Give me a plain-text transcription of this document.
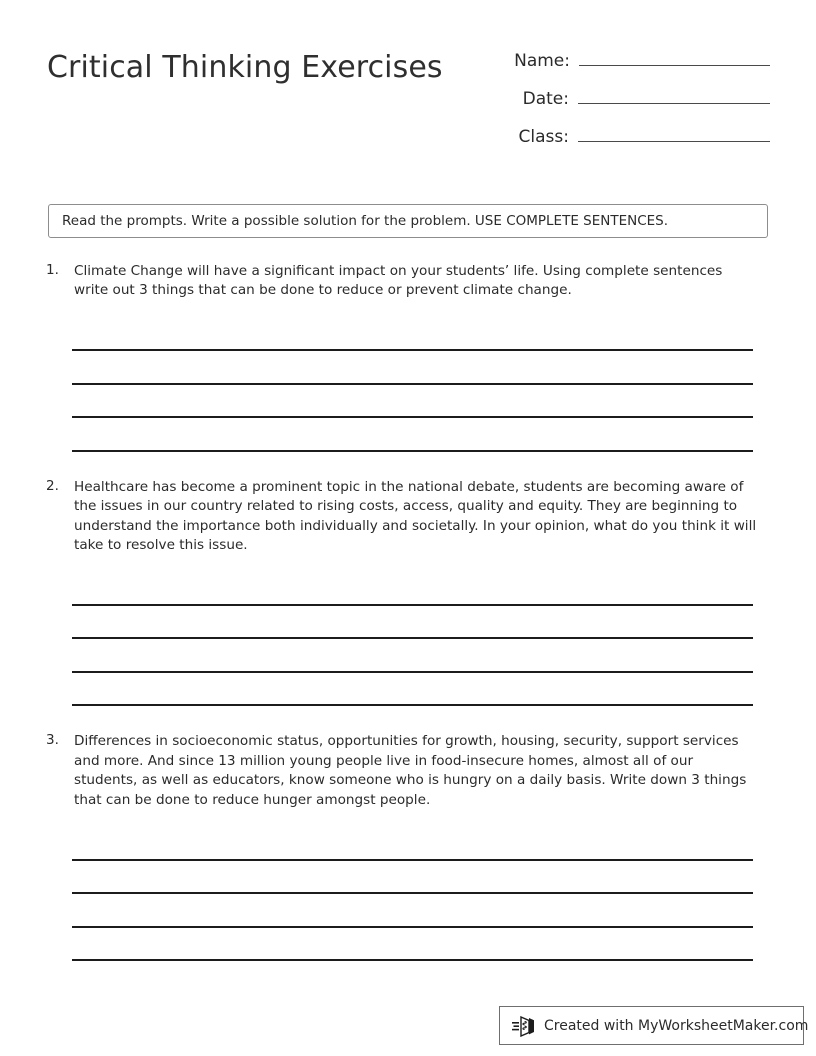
Critical Thinking Exercises	Name:
Date:
Class:
Read the prompts. Write a possible solution for the problem. USE COMPLETE SENTENCES.
1. Climate Change will have a significant impact on your students’ life. Using complete sentences write out 3 things that can be done to reduce or prevent climate change.
2. Healthcare has become a prominent topic in the national debate, students are becoming aware of the issues in our country related to rising costs, access, quality and equity. They are beginning to understand the importance both individually and societally. In your opinion, what do you think it will take to resolve this issue.
3. Differences in socioeconomic status, opportunities for growth, housing, security, support services and more. And since 13 million young people live in food-insecure homes, almost all of our students, as well as educators, know someone who is hungry on a daily basis. Write down 3 things that can be done to reduce hunger amongst people.
Created with MyWorksheetMaker.com
